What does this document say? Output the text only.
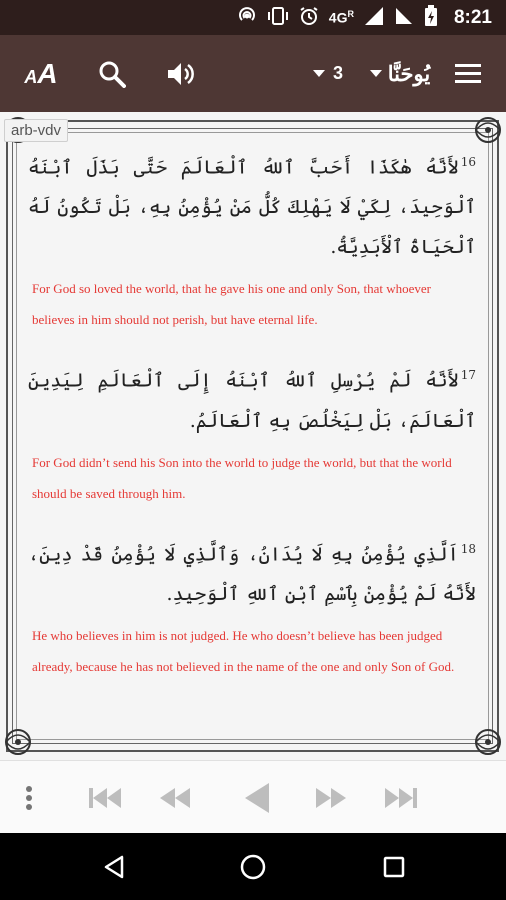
$4G^R$	8:21
AA	3 يُوحَنَّا

$^{16}$لأَنَّهُ هٰكَذَا أَحَبَّ ٱللهُ ٱلْعَالَمَ حَتَّى بَذَلَ ٱبْنَهُ ٱلْوَحِيدَ، لِكَيْ لَا يَهْلِكَ كُلُّ مَنْ يُؤْمِنُ بِهِ، بَلْ تَكُونُ لَهُ ٱلْحَيَاةُ ٱلْأَبَدِيَّةُ.

For God so loved the world, that he gave his one and only Son, that whoever believes in him should not perish, but have eternal life.

$^{17}$لأَنَّهُ لَمْ يُرْسِلِ ٱللهُ ٱبْنَهُ إِلَى ٱلْعَالَمِ لِيَدِينَ ٱلْعَالَمَ، بَلْ لِيَخْلُصَ بِهِ ٱلْعَالَمُ.

For God didn’t send his Son into the world to judge the world, but that the world should be saved through him.

$^{18}$اَلَّذِي يُؤْمِنُ بِهِ لَا يُدَانُ، وَٱلَّذِي لَا يُؤْمِنُ قَدْ دِينَ، لأَنَّهُ لَمْ يُؤْمِنْ بِٱسْمِ ٱبْنِ ٱللهِ ٱلْوَحِيدِ.

He who believes in him is not judged. He who doesn’t believe has been judged already, because he has not believed in the name of the one and only Son of God.

arb-vdv
